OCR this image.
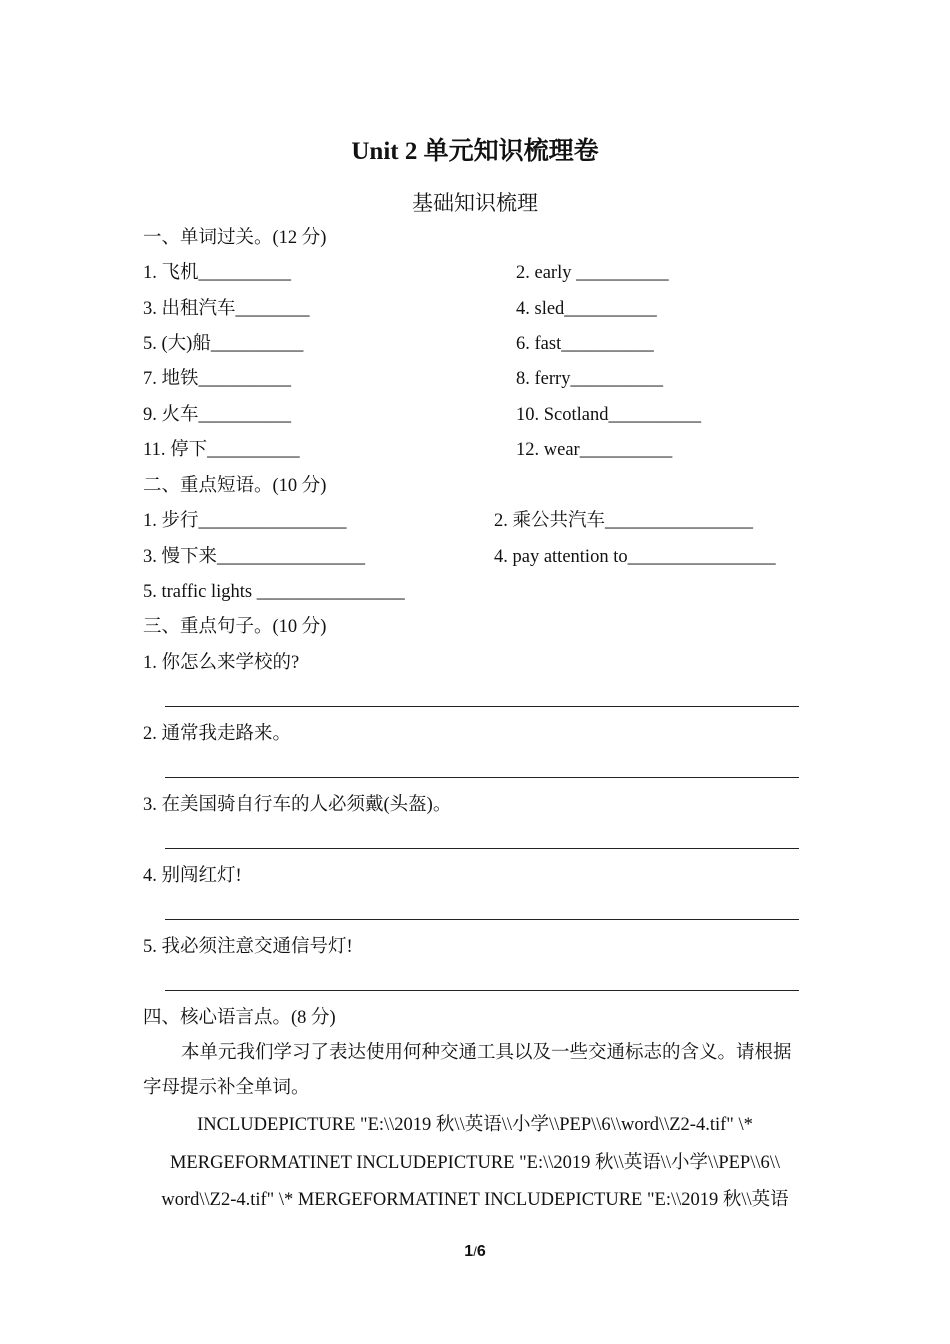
Unit 2 单元知识梳理卷
基础知识梳理
一、单词过关。(12 分)
1. 飞机__________	2. early __________
3. 出租汽车________	4. sled__________
5. (大)船__________	6. fast__________
7. 地铁__________	8. ferry__________
9. 火车__________	10. Scotland__________
11. 停下__________	12. wear__________
二、重点短语。(10 分)
1. 步行________________	2. 乘公共汽车________________
3. 慢下来________________	4. pay attention to________________
5. traffic lights ________________
三、重点句子。(10 分)
1. 你怎么来学校的?
2. 通常我走路来。
3. 在美国骑自行车的人必须戴(头盔)。
4. 别闯红灯!
5. 我必须注意交通信号灯!
四、核心语言点。(8 分)
本单元我们学习了表达使用何种交通工具以及一些交通标志的含义。请根据字母提示补全单词。
INCLUDEPICTURE "E:\\2019 秋\\英语\\小学\\PEP\\6\\word\\Z2-4.tif" \*
MERGEFORMATINET INCLUDEPICTURE "E:\\2019 秋\\英语\\小学\\PEP\\6\\
word\\Z2-4.tif" \* MERGEFORMATINET INCLUDEPICTURE "E:\\2019 秋\\英语
1/6
